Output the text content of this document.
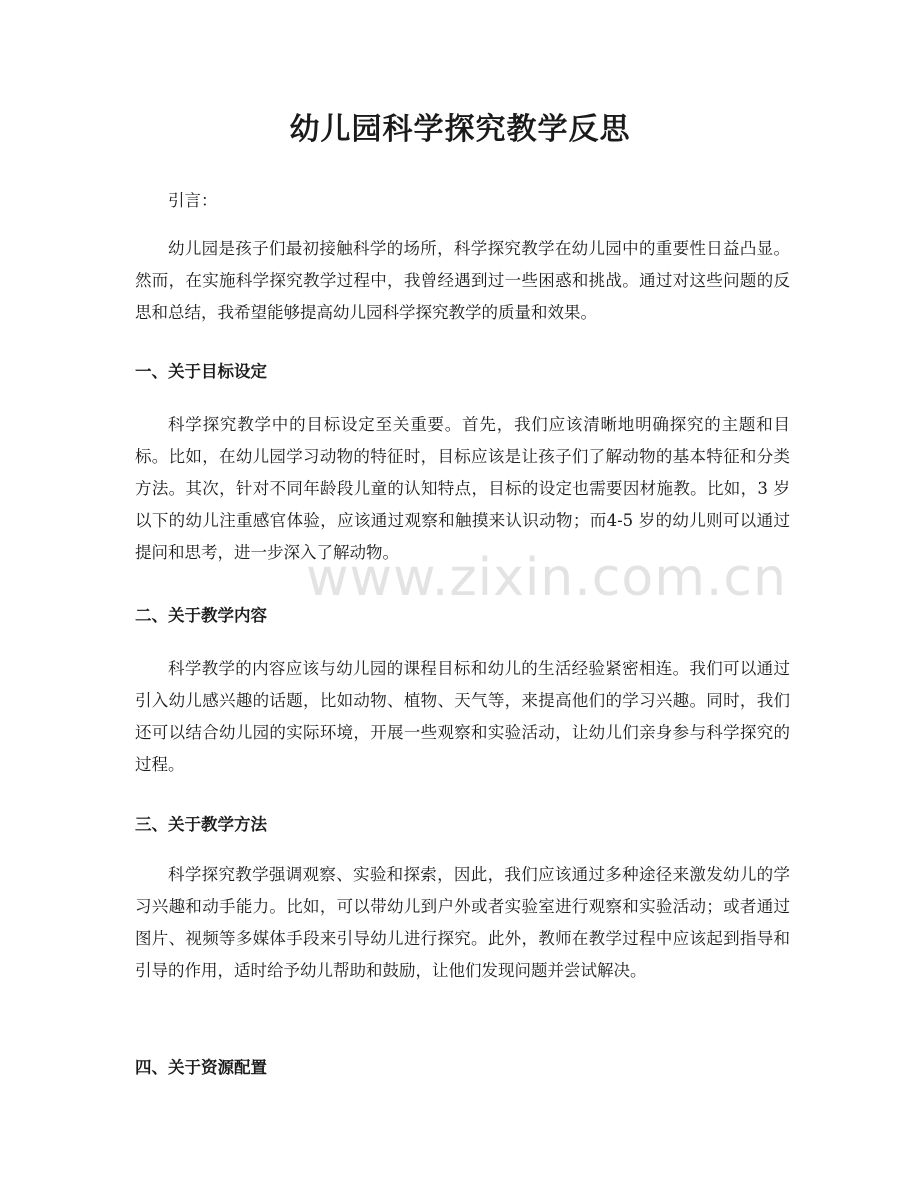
幼儿园科学探究教学反思

引言：

幼儿园是孩子们最初接触科学的场所，科学探究教学在幼儿园中的重要性日益凸显。然而，在实施科学探究教学过程中，我曾经遇到过一些困惑和挑战。通过对这些问题的反思和总结，我希望能够提高幼儿园科学探究教学的质量和效果。

一、关于目标设定

科学探究教学中的目标设定至关重要。首先，我们应该清晰地明确探究的主题和目标。比如，在幼儿园学习动物的特征时，目标应该是让孩子们了解动物的基本特征和分类方法。其次，针对不同年龄段儿童的认知特点，目标的设定也需要因材施教。比如，3 岁以下的幼儿注重感官体验，应该通过观察和触摸来认识动物；而4-5 岁的幼儿则可以通过提问和思考，进一步深入了解动物。

二、关于教学内容

科学教学的内容应该与幼儿园的课程目标和幼儿的生活经验紧密相连。我们可以通过引入幼儿感兴趣的话题，比如动物、植物、天气等，来提高他们的学习兴趣。同时，我们还可以结合幼儿园的实际环境，开展一些观察和实验活动，让幼儿们亲身参与科学探究的过程。

三、关于教学方法

科学探究教学强调观察、实验和探索，因此，我们应该通过多种途径来激发幼儿的学习兴趣和动手能力。比如，可以带幼儿到户外或者实验室进行观察和实验活动；或者通过图片、视频等多媒体手段来引导幼儿进行探究。此外，教师在教学过程中应该起到指导和引导的作用，适时给予幼儿帮助和鼓励，让他们发现问题并尝试解决。

四、关于资源配置
www.zixin.com.cn
